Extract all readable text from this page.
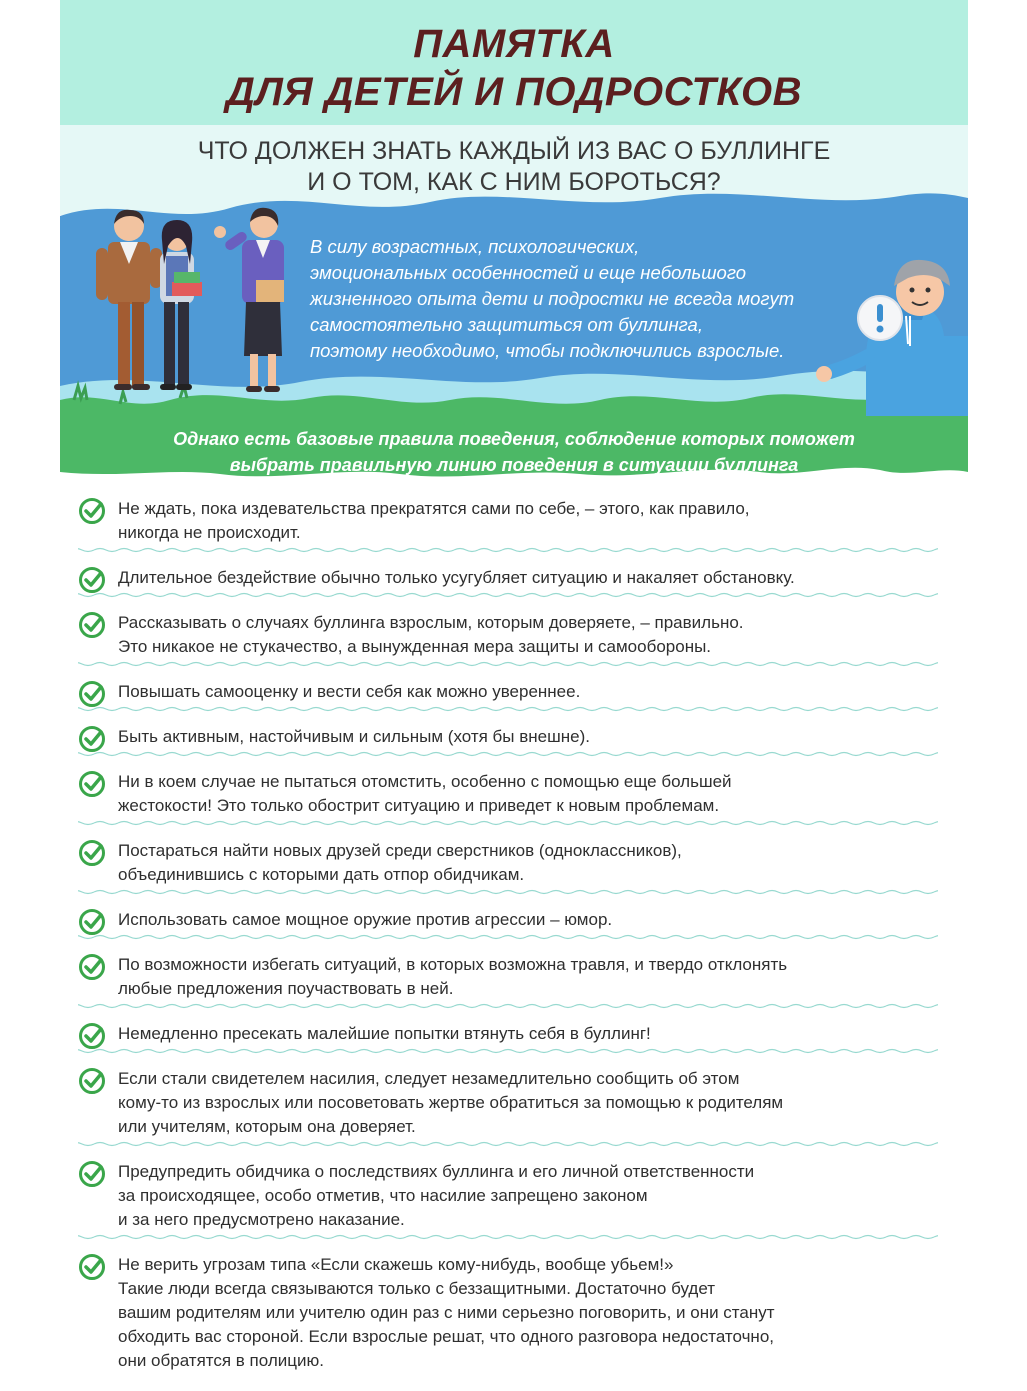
ПАМЯТКА
ДЛЯ ДЕТЕЙ И ПОДРОСТКОВ
ЧТО ДОЛЖЕН ЗНАТЬ КАЖДЫЙ ИЗ ВАС О БУЛЛИНГЕ
И О ТОМ, КАК С НИМ БОРОТЬСЯ?
В силу возрастных, психологических,
эмоциональных особенностей и еще небольшого
жизненного опыта дети и подростки не всегда могут
самостоятельно защититься от буллинга,
поэтому необходимо, чтобы подключились взрослые.
Однако есть базовые правила поведения, соблюдение которых поможет
выбрать правильную линию поведения в ситуации буллинга
Не ждать, пока издевательства прекратятся сами по себе, – этого, как правило,
никогда не происходит.
Длительное бездействие обычно только усугубляет ситуацию и накаляет обстановку.
Рассказывать о случаях буллинга взрослым, которым доверяете, – правильно.
Это никакое не стукачество, а вынужденная мера защиты и самообороны.
Повышать самооценку и вести себя как можно увереннее.
Быть активным, настойчивым и сильным (хотя бы внешне).
Ни в коем случае не пытаться отомстить, особенно с помощью еще большей
жестокости! Это только обострит ситуацию и приведет к новым проблемам.
Постараться найти новых друзей среди сверстников (одноклассников),
объединившись с которыми дать отпор обидчикам.
Использовать самое мощное оружие против агрессии – юмор.
По возможности избегать ситуаций, в которых возможна травля, и твердо отклонять
любые предложения поучаствовать в ней.
Немедленно пресекать малейшие попытки втянуть себя в буллинг!
Если стали свидетелем насилия, следует незамедлительно сообщить об этом
кому-то из взрослых или посоветовать жертве обратиться за помощью к родителям
или учителям, которым она доверяет.
Предупредить обидчика о последствиях буллинга и его личной ответственности
за происходящее, особо отметив, что насилие запрещено законом
и за него предусмотрено наказание.
Не верить угрозам типа «Если скажешь кому-нибудь, вообще убьем!»
Такие люди всегда связываются только с беззащитными. Достаточно будет
вашим родителям или учителю один раз с ними серьезно поговорить, и они станут
обходить вас стороной. Если взрослые решат, что одного разговора недостаточно,
они обратятся в полицию.
